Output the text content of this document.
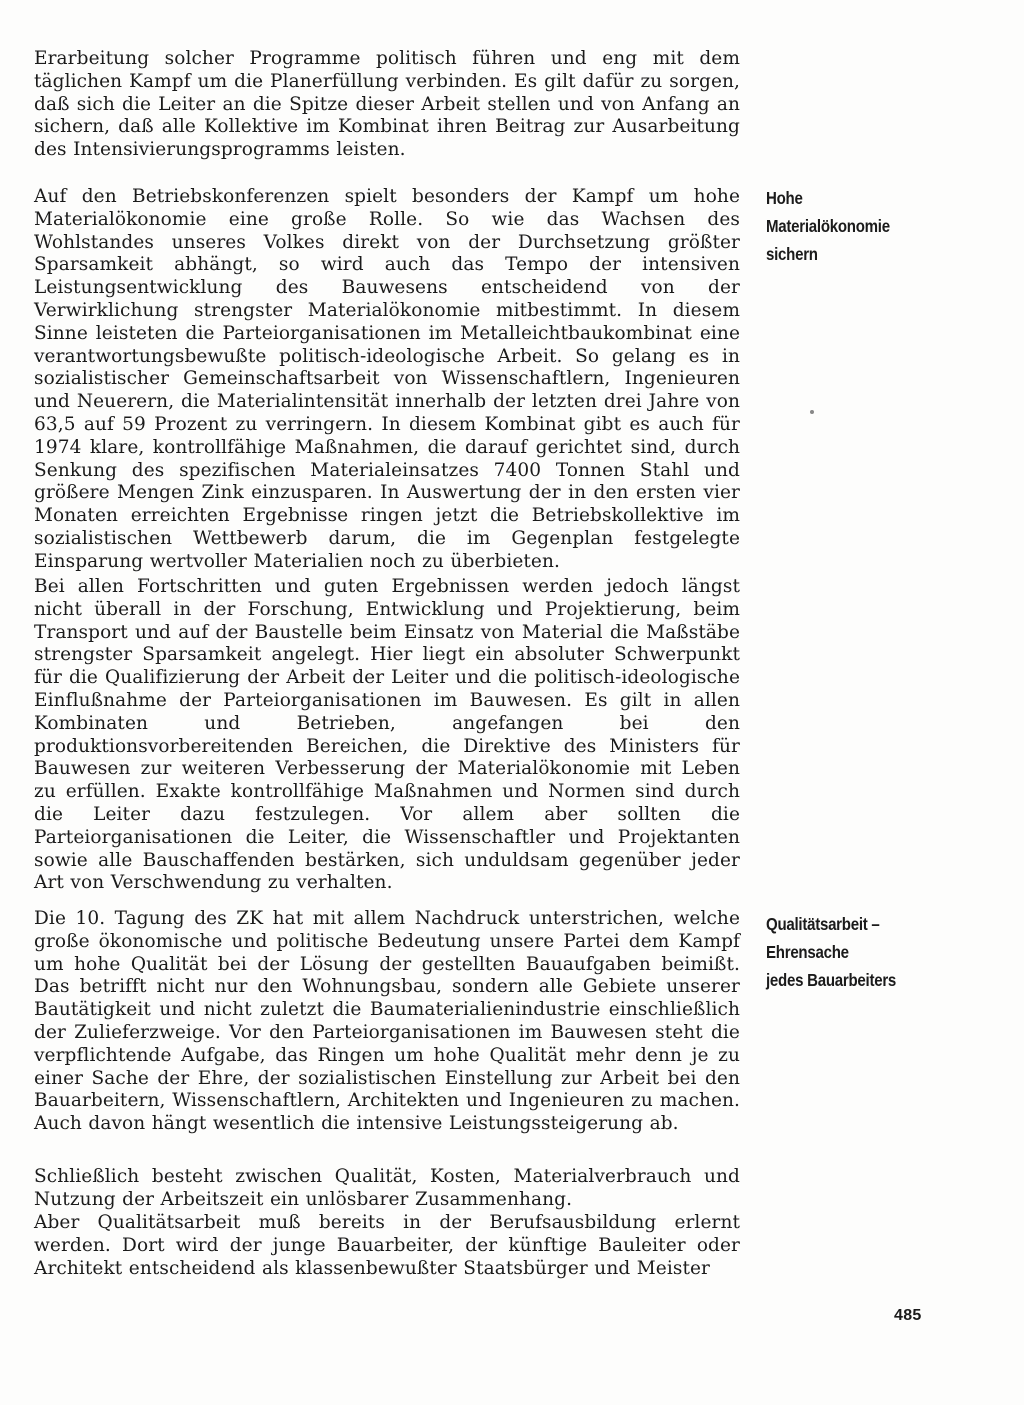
Erarbeitung solcher Programme politisch führen und eng mit dem täglichen Kampf um die Planerfüllung verbinden. Es gilt dafür zu sorgen, daß sich die Leiter an die Spitze dieser Arbeit stellen und von Anfang an sichern, daß alle Kollektive im Kombinat ihren Beitrag zur Ausarbeitung des Intensivierungsprogramms leisten.

Auf den Betriebskonferenzen spielt besonders der Kampf um hohe Materialökonomie eine große Rolle. So wie das Wachsen des Wohlstandes unseres Volkes direkt von der Durchsetzung größter Sparsamkeit abhängt, so wird auch das Tempo der intensiven Leistungsentwicklung des Bauwesens entscheidend von der Verwirklichung strengster Materialökonomie mitbestimmt. In diesem Sinne leisteten die Parteiorganisationen im Metalleichtbaukombinat eine verantwortungsbewußte politisch-ideologische Arbeit. So gelang es in sozialistischer Gemeinschaftsarbeit von Wissenschaftlern, Ingenieuren und Neuerern, die Materialintensität innerhalb der letzten drei Jahre von 63,5 auf 59 Prozent zu verringern. In diesem Kombinat gibt es auch für 1974 klare, kontrollfähige Maßnahmen, die darauf gerichtet sind, durch Senkung des spezifischen Materialeinsatzes 7400 Tonnen Stahl und größere Mengen Zink einzusparen. In Auswertung der in den ersten vier Monaten erreichten Ergebnisse ringen jetzt die Betriebskollektive im sozialistischen Wettbewerb darum, die im Gegenplan festgelegte Einsparung wertvoller Materialien noch zu überbieten.

Bei allen Fortschritten und guten Ergebnissen werden jedoch längst nicht überall in der Forschung, Entwicklung und Projektierung, beim Transport und auf der Baustelle beim Einsatz von Material die Maßstäbe strengster Sparsamkeit angelegt. Hier liegt ein absoluter Schwerpunkt für die Qualifizierung der Arbeit der Leiter und die politisch-ideologische Einflußnahme der Parteiorganisationen im Bauwesen. Es gilt in allen Kombinaten und Betrieben, angefangen bei den produktionsvorbereitenden Bereichen, die Direktive des Ministers für Bauwesen zur weiteren Verbesserung der Materialökonomie mit Leben zu erfüllen. Exakte kontrollfähige Maßnahmen und Normen sind durch die Leiter dazu festzulegen. Vor allem aber sollten die Parteiorganisationen die Leiter, die Wissenschaftler und Projektanten sowie alle Bauschaffenden bestärken, sich unduldsam gegenüber jeder Art von Verschwendung zu verhalten.

Die 10. Tagung des ZK hat mit allem Nachdruck unterstrichen, welche große ökonomische und politische Bedeutung unsere Partei dem Kampf um hohe Qualität bei der Lösung der gestellten Bauaufgaben beimißt. Das betrifft nicht nur den Wohnungsbau, sondern alle Gebiete unserer Bautätigkeit und nicht zuletzt die Baumaterialienindustrie einschließlich der Zulieferzweige. Vor den Parteiorganisationen im Bauwesen steht die verpflichtende Aufgabe, das Ringen um hohe Qualität mehr denn je zu einer Sache der Ehre, der sozialistischen Einstellung zur Arbeit bei den Bauarbeitern, Wissenschaftlern, Architekten und Ingenieuren zu machen. Auch davon hängt wesentlich die intensive Leistungssteigerung ab.

Schließlich besteht zwischen Qualität, Kosten, Materialverbrauch und Nutzung der Arbeitszeit ein unlösbarer Zusammenhang.

Aber Qualitätsarbeit muß bereits in der Berufsausbildung erlernt werden. Dort wird der junge Bauarbeiter, der künftige Bauleiter oder Architekt entscheidend als klassenbewußter Staatsbürger und Meister

Hohe
Materialökonomie
sichern
Qualitätsarbeit –
Ehrensache
jedes Bauarbeiters
485
